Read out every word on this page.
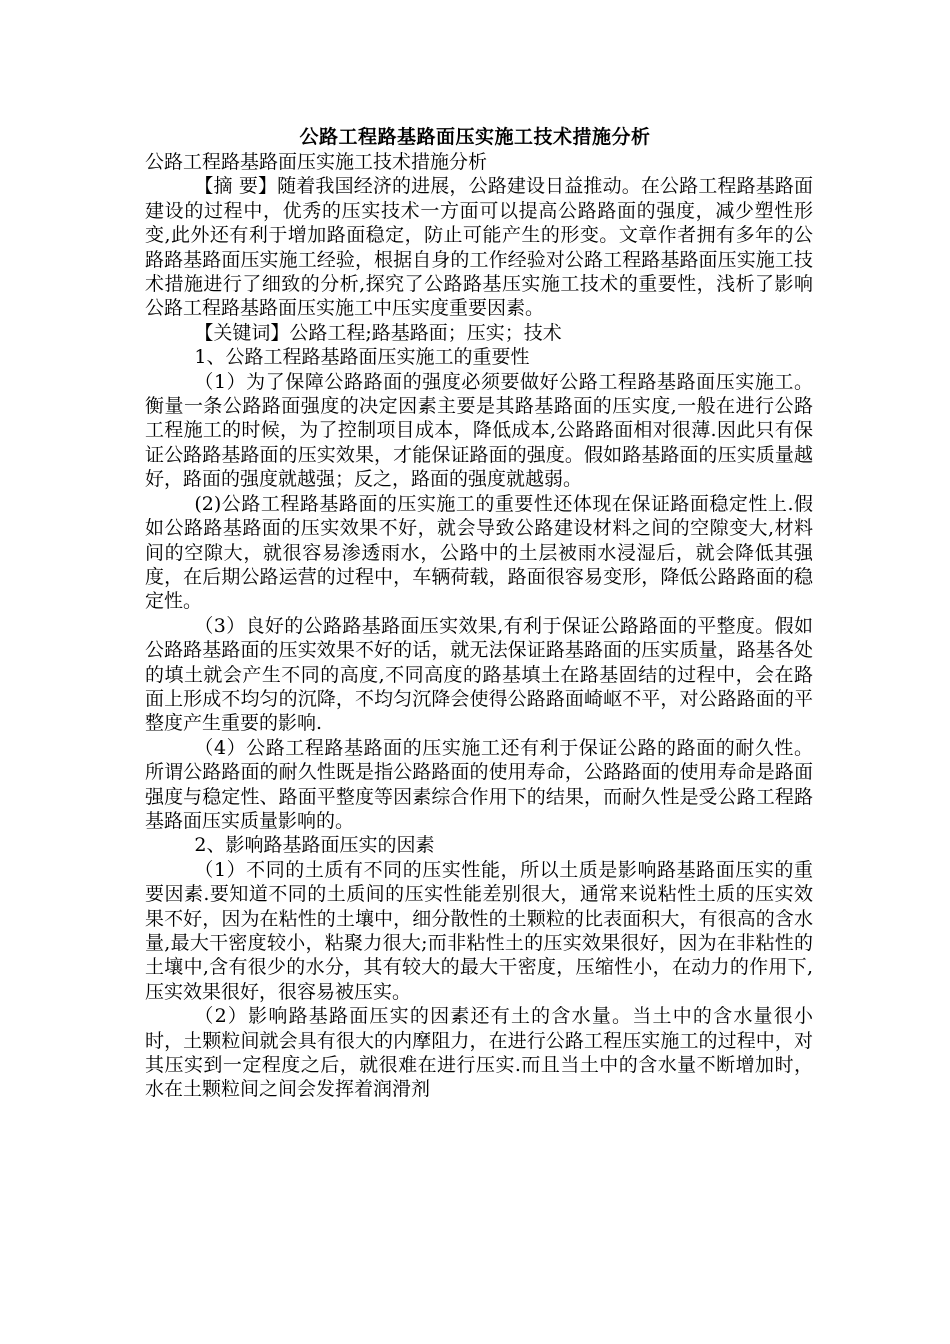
公路工程路基路面压实施工技术措施分析

公路工程路基路面压实施工技术措施分析

【摘 要】随着我国经济的进展，公路建设日益推动。在公路工程路基路面建设的过程中，优秀的压实技术一方面可以提高公路路面的强度，减少塑性形变,此外还有利于增加路面稳定，防止可能产生的形变。文章作者拥有多年的公路路基路面压实施工经验，根据自身的工作经验对公路工程路基路面压实施工技术措施进行了细致的分析,探究了公路路基压实施工技术的重要性，浅析了影响公路工程路基路面压实施工中压实度重要因素。

【关键词】公路工程;路基路面；压实；技术

1、公路工程路基路面压实施工的重要性

（1）为了保障公路路面的强度必须要做好公路工程路基路面压实施工。衡量一条公路路面强度的决定因素主要是其路基路面的压实度,一般在进行公路工程施工的时候，为了控制项目成本，降低成本,公路路面相对很薄.因此只有保证公路路基路面的压实效果，才能保证路面的强度。假如路基路面的压实质量越好，路面的强度就越强；反之，路面的强度就越弱。

(2)公路工程路基路面的压实施工的重要性还体现在保证路面稳定性上.假如公路路基路面的压实效果不好，就会导致公路建设材料之间的空隙变大,材料间的空隙大，就很容易渗透雨水，公路中的土层被雨水浸湿后，就会降低其强度，在后期公路运营的过程中，车辆荷载，路面很容易变形，降低公路路面的稳定性。

（3）良好的公路路基路面压实效果,有利于保证公路路面的平整度。假如公路路基路面的压实效果不好的话，就无法保证路基路面的压实质量，路基各处的填土就会产生不同的高度,不同高度的路基填土在路基固结的过程中，会在路面上形成不均匀的沉降，不均匀沉降会使得公路路面崎岖不平，对公路路面的平整度产生重要的影响.

（4）公路工程路基路面的压实施工还有利于保证公路的路面的耐久性。所谓公路路面的耐久性既是指公路路面的使用寿命，公路路面的使用寿命是路面强度与稳定性、路面平整度等因素综合作用下的结果，而耐久性是受公路工程路基路面压实质量影响的。

2、影响路基路面压实的因素

（1）不同的土质有不同的压实性能，所以土质是影响路基路面压实的重要因素.要知道不同的土质间的压实性能差别很大，通常来说粘性土质的压实效果不好，因为在粘性的土壤中，细分散性的土颗粒的比表面积大，有很高的含水量,最大干密度较小，粘聚力很大;而非粘性土的压实效果很好，因为在非粘性的土壤中,含有很少的水分，其有较大的最大干密度，压缩性小，在动力的作用下,压实效果很好，很容易被压实。

（2）影响路基路面压实的因素还有土的含水量。当土中的含水量很小时，土颗粒间就会具有很大的内摩阻力，在进行公路工程压实施工的过程中，对其压实到一定程度之后，就很难在进行压实.而且当土中的含水量不断增加时，水在土颗粒间之间会发挥着润滑剂
